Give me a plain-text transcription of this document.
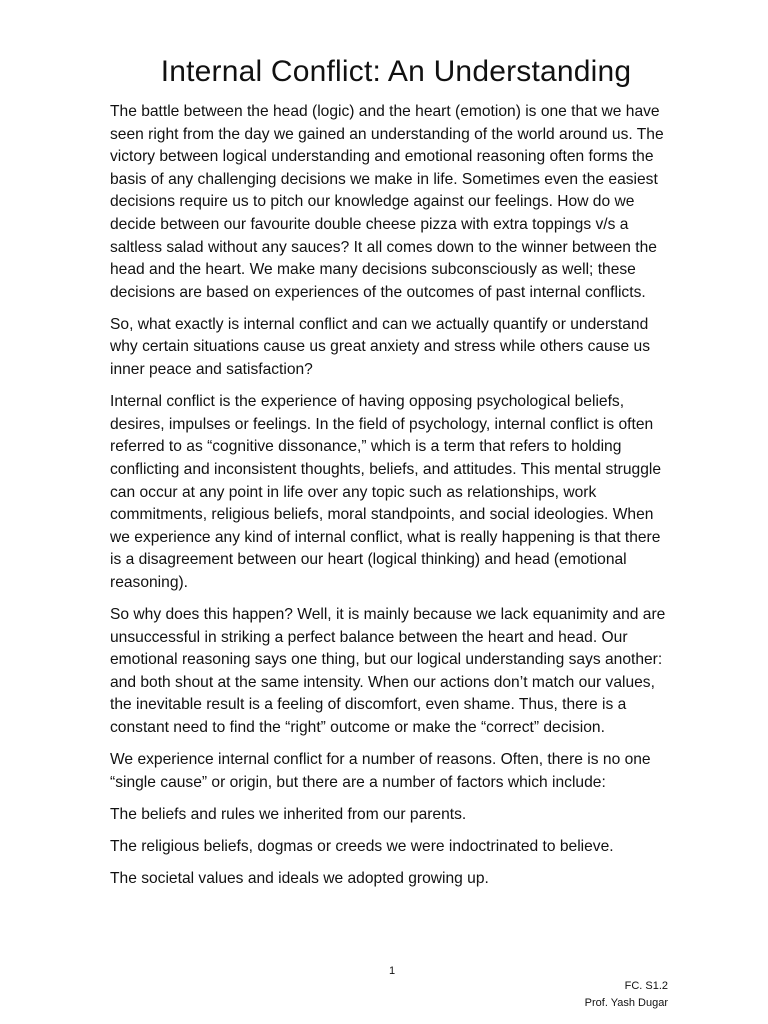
Internal Conflict: An Understanding

The battle between the head (logic) and the heart (emotion) is one that we have seen right from the day we gained an understanding of the world around us. The victory between logical understanding and emotional reasoning often forms the basis of any challenging decisions we make in life. Sometimes even the easiest decisions require us to pitch our knowledge against our feelings. How do we decide between our favourite double cheese pizza with extra toppings v/s a saltless salad without any sauces? It all comes down to the winner between the head and the heart. We make many decisions subconsciously as well; these decisions are based on experiences of the outcomes of past internal conflicts.

So, what exactly is internal conflict and can we actually quantify or understand why certain situations cause us great anxiety and stress while others cause us inner peace and satisfaction?

Internal conflict is the experience of having opposing psychological beliefs, desires, impulses or feelings. In the field of psychology, internal conflict is often referred to as “cognitive dissonance,” which is a term that refers to holding conflicting and inconsistent thoughts, beliefs, and attitudes. This mental struggle can occur at any point in life over any topic such as relationships, work commitments, religious beliefs, moral standpoints, and social ideologies. When we experience any kind of internal conflict, what is really happening is that there is a disagreement between our heart (logical thinking) and head (emotional reasoning).

So why does this happen? Well, it is mainly because we lack equanimity and are unsuccessful in striking a perfect balance between the heart and head. Our emotional reasoning says one thing, but our logical understanding says another: and both shout at the same intensity. When our actions don’t match our values, the inevitable result is a feeling of discomfort, even shame. Thus, there is a constant need to find the “right” outcome or make the “correct” decision.

We experience internal conflict for a number of reasons. Often, there is no one “single cause” or origin, but there are a number of factors which include:

The beliefs and rules we inherited from our parents.

The religious beliefs, dogmas or creeds we were indoctrinated to believe.

The societal values and ideals we adopted growing up.

1
FC. S1.2
Prof. Yash Dugar
